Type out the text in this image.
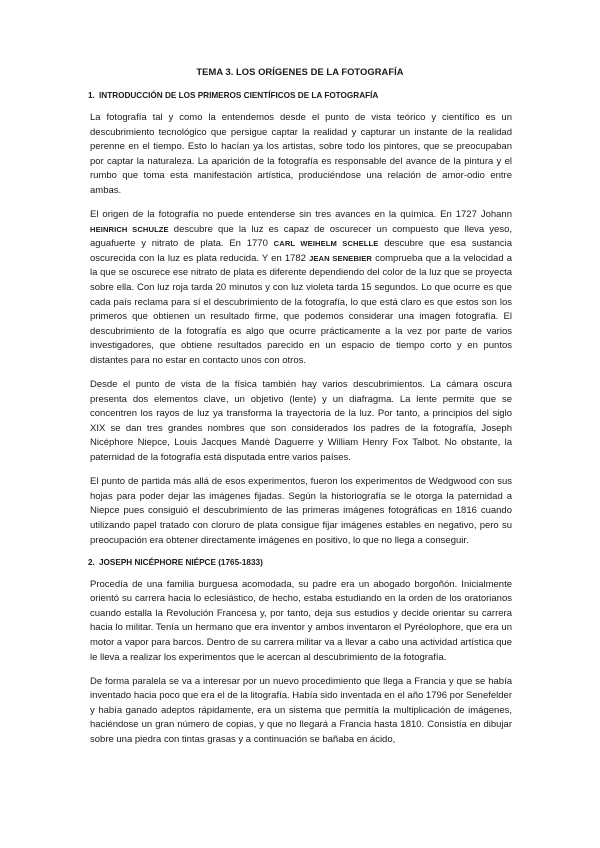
TEMA 3. LOS ORÍGENES DE LA FOTOGRAFÍA
1. INTRODUCCIÓN DE LOS PRIMEROS CIENTÍFICOS DE LA FOTOGRAFÍA

La fotografía tal y como la entendemos desde el punto de vista teórico y científico es un descubrimiento tecnológico que persigue captar la realidad y capturar un instante de la realidad perenne en el tiempo. Esto lo hacían ya los artistas, sobre todo los pintores, que se preocupaban por captar la naturaleza. La aparición de la fotografía es responsable del avance de la pintura y el rumbo que toma esta manifestación artística, produciéndose una relación de amor-odio entre ambas.

El origen de la fotografía no puede entenderse sin tres avances en la química. En 1727 Johann HEINRICH SCHULZE descubre que la luz es capaz de oscurecer un compuesto que lleva yeso, aguafuerte y nitrato de plata. En 1770 CARL WEIHELM SCHELLE descubre que esa sustancia oscurecida con la luz es plata reducida. Y en 1782 JEAN SENEBIER comprueba que a la velocidad a la que se oscurece ese nitrato de plata es diferente dependiendo del color de la luz que se proyecta sobre ella. Con luz roja tarda 20 minutos y con luz violeta tarda 15 segundos. Lo que ocurre es que cada país reclama para sí el descubrimiento de la fotografía, lo que está claro es que estos son los primeros que obtienen un resultado firme, que podemos considerar una imagen fotografía. El descubrimiento de la fotografía es algo que ocurre prácticamente a la vez por parte de varios investigadores, que obtiene resultados parecido en un espacio de tiempo corto y en puntos distantes para no estar en contacto unos con otros.

Desde el punto de vista de la física también hay varios descubrimientos. La cámara oscura presenta dos elementos clave, un objetivo (lente) y un diafragma. La lente permite que se concentren los rayos de luz ya transforma la trayectoria de la luz. Por tanto, a principios del siglo XIX se dan tres grandes nombres que son considerados los padres de la fotografía, Joseph Nicéphore Niepce, Louis Jacques Mandè Daguerre y William Henry Fox Talbot. No obstante, la paternidad de la fotografía está disputada entre varios países.

El punto de partida más allá de esos experimentos, fueron los experimentos de Wedgwood con sus hojas para poder dejar las imágenes fijadas. Según la historiografía se le otorga la paternidad a Niepce pues consiguió el descubrimiento de las primeras imágenes fotográficas en 1816 cuando utilizando papel tratado con cloruro de plata consigue fijar imágenes estables en negativo, pero su preocupación era obtener directamente imágenes en positivo, lo que no llega a conseguir.

2. JOSEPH NICÉPHORE NIÉPCE (1765-1833)

Procedía de una familia burguesa acomodada, su padre era un abogado borgoñón. Inicialmente orientó su carrera hacia lo eclesiástico, de hecho, estaba estudiando en la orden de los oratorianos cuando estalla la Revolución Francesa y, por tanto, deja sus estudios y decide orientar su carrera hacia lo militar. Tenía un hermano que era inventor y ambos inventaron el Pyréolophore, que era un motor a vapor para barcos. Dentro de su carrera militar va a llevar a cabo una actividad artística que le lleva a realizar los experimentos que le acercan al descubrimiento de la fotografía.

De forma paralela se va a interesar por un nuevo procedimiento que llega a Francia y que se había inventado hacia poco que era el de la litografía. Había sido inventada en el año 1796 por Senefelder y había ganado adeptos rápidamente, era un sistema que permitía la multiplicación de imágenes, haciéndose un gran número de copias, y que no llegará a Francia hasta 1810. Consistía en dibujar sobre una piedra con tintas grasas y a continuación se bañaba en ácido,
